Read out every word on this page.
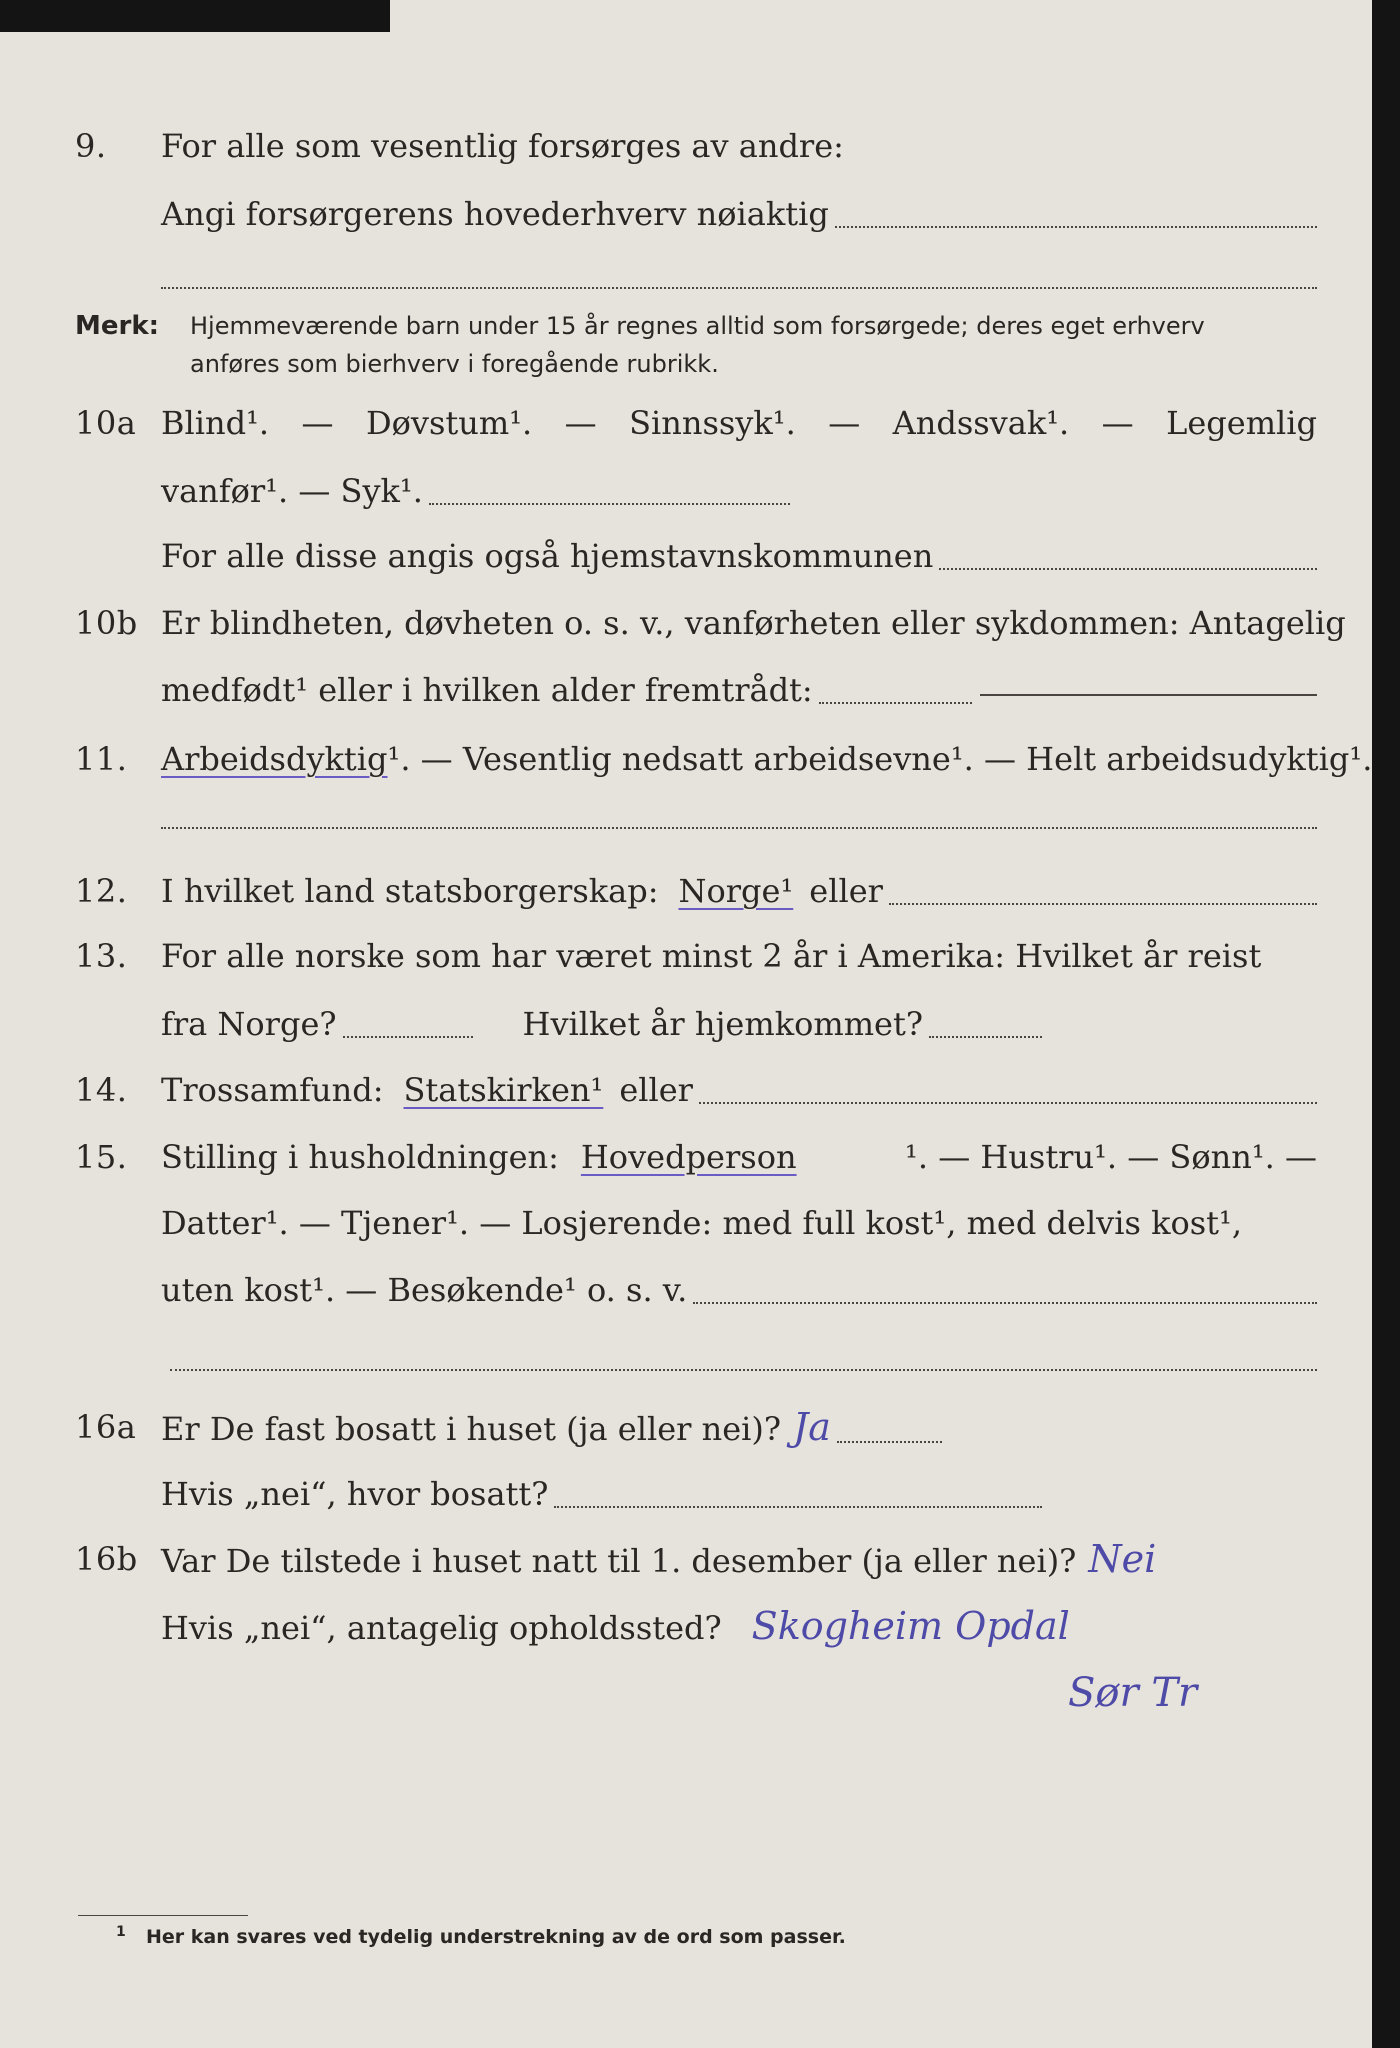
9. For alle som vesentlig forsørges av andre:
Angi forsørgerens hovederhverv nøiaktig
Merk: Hjemmeværende barn under 15 år regnes alltid som forsørgede; deres eget erhverv
anføres som bierhverv i foregående rubrikk.
10a Blind¹. — Døvstum¹. — Sinnssyk¹. — Andssvak¹. — Legemlig
vanfør¹. — Syk¹.
For alle disse angis også hjemstavnskommunen
10b Er blindheten, døvheten o. s. v., vanførheten eller sykdommen: Antagelig
medfødt¹ eller i hvilken alder fremtrådt:
11. Arbeidsdyktig ¹ . — Vesentlig nedsatt arbeidsevne¹. — Helt arbeidsudyktig¹.
12. I hvilket land statsborgerskap: Norge¹ eller
13. For alle norske som har været minst 2 år i Amerika: Hvilket år reist
fra Norge?	Hvilket år hjemkommet?
14. Trossamfund: Statskirken¹ eller
15. Stilling i husholdningen: Hovedperson	¹. — Hustru¹. — Sønn¹. —
Datter¹. — Tjener¹. — Losjerende: med full kost¹, med delvis kost¹,
uten kost¹. — Besøkende¹ o. s. v.
16a Er De fast bosatt i huset (ja eller nei)? Ja
Hvis „nei“, hvor bosatt?
16b Var De tilstede i huset natt til 1. desember (ja eller nei)? Nei
Hvis „nei“, antagelig opholdssted? Skogheim Opdal
Sør Tr
1 Her kan svares ved tydelig understrekning av de ord som passer.
